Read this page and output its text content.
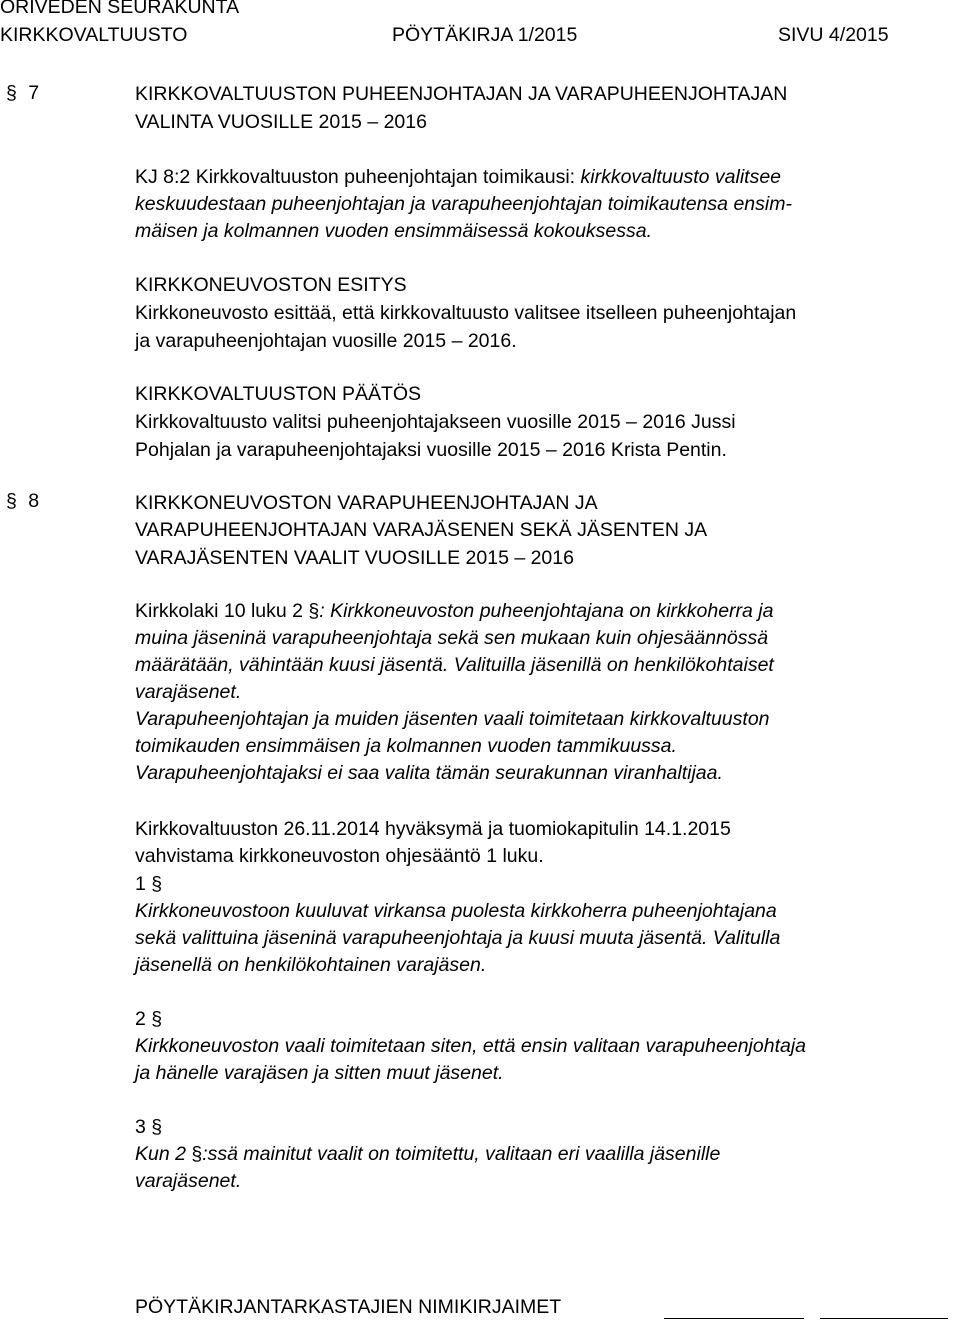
ORIVEDEN SEURAKUNTA
KIRKKOVALTUUSTO	PÖYTÄKIRJA 1/2015	SIVU 4/2015
§ 7	KIRKKOVALTUUSTON PUHEENJOHTAJAN JA VARAPUHEENJOHTAJAN
VALINTA VUOSILLE 2015 – 2016
KJ 8:2 Kirkkovaltuuston puheenjohtajan toimikausi: kirkkovaltuusto valitsee
keskuudestaan puheenjohtajan ja varapuheenjohtajan toimikautensa ensim-
mäisen ja kolmannen vuoden ensimmäisessä kokouksessa.
KIRKKONEUVOSTON ESITYS
Kirkkoneuvosto esittää, että kirkkovaltuusto valitsee itselleen puheenjohtajan
ja varapuheenjohtajan vuosille 2015 – 2016.
KIRKKOVALTUUSTON PÄÄTÖS
Kirkkovaltuusto valitsi puheenjohtajakseen vuosille 2015 – 2016 Jussi
Pohjalan ja varapuheenjohtajaksi vuosille 2015 – 2016 Krista Pentin.
§ 8	KIRKKONEUVOSTON VARAPUHEENJOHTAJAN JA
VARAPUHEENJOHTAJAN VARAJÄSENEN SEKÄ JÄSENTEN JA
VARAJÄSENTEN VAALIT VUOSILLE 2015 – 2016
Kirkkolaki 10 luku 2 §: Kirkkoneuvoston puheenjohtajana on kirkkoherra ja
muina jäseninä varapuheenjohtaja sekä sen mukaan kuin ohjesäännössä
määrätään, vähintään kuusi jäsentä. Valituilla jäsenillä on henkilökohtaiset
varajäsenet.
Varapuheenjohtajan ja muiden jäsenten vaali toimitetaan kirkkovaltuuston
toimikauden ensimmäisen ja kolmannen vuoden tammikuussa.
Varapuheenjohtajaksi ei saa valita tämän seurakunnan viranhaltijaa.
Kirkkovaltuuston 26.11.2014 hyväksymä ja tuomiokapitulin 14.1.2015
vahvistama kirkkoneuvoston ohjesääntö 1 luku.
1 §
Kirkkoneuvostoon kuuluvat virkansa puolesta kirkkoherra puheenjohtajana
sekä valittuina jäseninä varapuheenjohtaja ja kuusi muuta jäsentä. Valitulla
jäsenellä on henkilökohtainen varajäsen.
2 §
Kirkkoneuvoston vaali toimitetaan siten, että ensin valitaan varapuheenjohtaja
ja hänelle varajäsen ja sitten muut jäsenet.
3 §
Kun 2 §:ssä mainitut vaalit on toimitettu, valitaan eri vaalilla jäsenille
varajäsenet.
PÖYTÄKIRJANTARKASTAJIEN NIMIKIRJAIMET
